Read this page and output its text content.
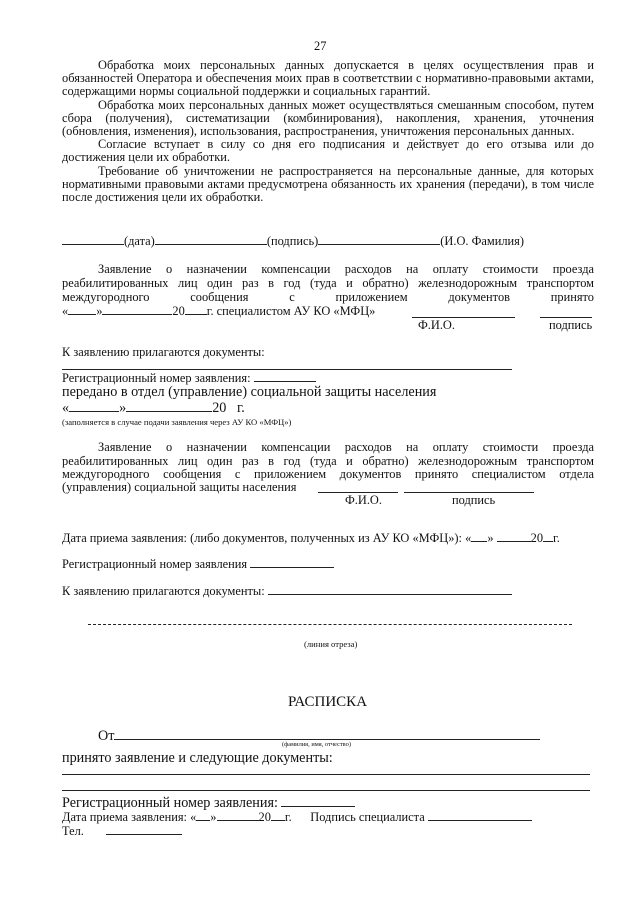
27

Обработка моих персональных данных допускается в целях осуществления прав и обязанностей Оператора и обеспечения моих прав в соответствии с нормативно-правовыми актами, содержащими нормы социальной поддержки и социальных гарантий.

Обработка моих персональных данных может осуществляться смешанным способом, путем сбора (получения), систематизации (комбинирования), накопления, хранения, уточнения (обновления, изменения), использования, распространения, уничтожения персональных данных.

Согласие вступает в силу со дня его подписания и действует до его отзыва или до достижения цели их обработки.

Требование об уничтожении не распространяется на персональные данные, для которых нормативными правовыми актами предусмотрена обязанность их хранения (передачи), в том числе после достижения цели их обработки.

(дата)	(подпись)	(И.О. Фамилия)
Заявление о назначении компенсации расходов на оплату стоимости проезда
реабилитированных лиц один раз в год (туда и обратно) железнодорожным транспортом
междугородного сообщения с приложением документов принято
« »	20 г. специалистом АУ КО «МФЦ»
Ф.И.О.	подпись
К заявлению прилагаются документы:
Регистрационный номер заявления:
передано в отдел (управление) социальной защиты населения
«	»	20 г.
(заполняется в случае подачи заявления через АУ КО «МФЦ»)
Заявление о назначении компенсации расходов на оплату стоимости проезда
реабилитированных лиц один раз в год (туда и обратно) железнодорожным транспортом
междугородного сообщения с приложением документов принято специалистом отдела
(управления) социальной защиты населения
Ф.И.О.	подпись
Дата приема заявления: (либо документов, полученных из АУ КО «МФЦ»): « »	20 г.
Регистрационный номер заявления
К заявлению прилагаются документы:
(линия отреза)
РАСПИСКА
От
(фамилия, имя, отчество)
принято заявление и следующие документы:
Регистрационный номер заявления:
Дата приема заявления: « »	20 г. Подпись специалиста
Тел.
